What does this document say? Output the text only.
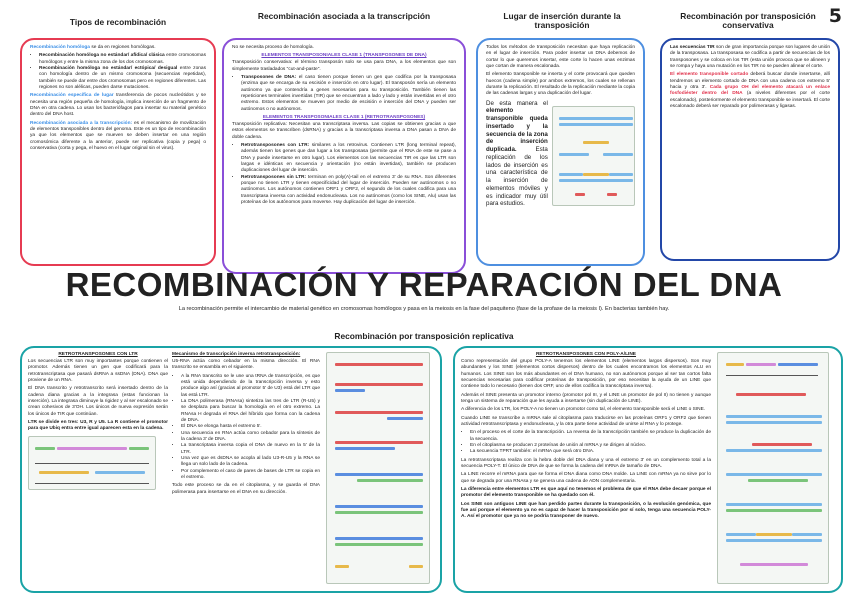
5
Tipos de recombinación
Recombinación asociada a la transcripción	Lugar de inserción durante la transposición
Recombinación por transposición conservativa

Recombinación homóloga se da en regiones homólogas.

• Recombinación homóloga no estándar/ afídica/ clásica entre cromosomas homólogos y entre la misma zona de los dos cromosomas.
• Recombinación homóloga no estándar/ ectópica/ desigual entre zonas con homología dentro de un mismo cromosoma (secuencias repetidas), también se puede dar entre dos cromosomas pero en regiones diferentes. Las regiones no son alélicas, pueden darse mutaciones.

Recombinación específica de lugar transferencia de pocos nucleótidos y se necesita una región pequeña de homología, implica inserción de un fragmento de DNA en otra cadena. Lo usan los bacteriófagos para insertar su material genético dentro del DNA host.

Recombinación asociada a la transcripción: es el mecanismo de movilización de elementos transponibles dentro del genoma. Este es un tipo de recombinación ya que los elementos que se mueven se deben insertar en una región cromosómica diferente a la anterior, puede ser replicativa (copia y pega) o conservativa (corta y pega, el huevo en el lugar original sin el virus).

No se necesita proceso de homología.

ELEMENTOS TRANSPOSONIALES CLASE 1 (TRANSPOSONES DE DNA)

Transposición conservativa: el término transposón solo se usa para DNA, a los elementos que son simplemente trasladados "cut-and-paste".

• Transposones de DNA: el caso tienen porque tienen un gen que codifica por la transposasa (enzima que se encarga de su escisión e inserción en otro lugar). El transposón sería un elemento autónomo ya que contendría a genes necesarios para su transposición. También tienen las repeticiones terminales invertidas (TIR) que se encuentran a lado y lado y están invertidas en el otro extremo. Estos elementos se mueven por medio de escisión e inserción del DNA y pueden ser autónomos o no autónomos.
ELEMENTOS TRANSPOSONIALES CLASE 1 (RETROTRANSPOSONES)

Transposición replicativa: Necesitan una transcriptasa inversa. Las copias se obtienen gracias a que estos elementos se transcriben (dsRNA) y gracias a la transcriptasa inversa a DNA pasan a DNA de doble cadena.

• Retrotransposones con LTR: similares a los retrovirus. Contienen LTR (long terminal repeat), además tienen los genes que dan lugar a los transposasa (permite que el RNA de este se pase a DNA y puede insertarse en otro lugar). Los elementos con las secuencias TIR es que las LTR son largas e idénticas en secuencia y orientación (no están invertidas), también se producen duplicaciones del lugar de inserción.
• Retrotransposones sin LTR: terminan en poly(A)-tail en el extremo 3' de su RNA. Son diferentes porque no tienen LTR y tienen especificidad del lugar de inserción. Pueden ser autónomos o no autónomos. Los autónomos contienen ORF1 y ORF2, el segundo de los cuales codifica para una transcriptasa inversa con actividad endonucleasa. Los no autónomos (como los SINE, Alu) usan las proteínas de los autónomos para moverse. Hay duplicación del lugar de inserción.

Todos los métodos de transposición necesitan que haya replicación en el lugar de inserción. Para poder insertar un DNA debemos de cortar lo que queremos insertar, este corte lo hacen unas enzimas que cortan de manera escalonada.

El elemento transponible se inserta y el corte provocará que queden huecos (cadena simple) por ambos extremos, los cuales se rellenan durante la replicación. El resultado de la replicación mediante la copia de las cadenas largas y una duplicación del lugar.

De esta manera el elemento transponible queda insertado y la secuencia de la zona de inserción duplicada.	Esta replicación de los lados de inserción es una característica de la inserción de elementos móviles y es indicador muy útil para estudios.

Las secuencias TIR son de gran importancia porque son lugares de unión de la transposasa. La transposasa se codifica a partir de secuencias de los transposones y se coloca en los TIR (esta unión provoca que se alineen y se rompa y haya una mutación en los TIR no se pueden alinear el corte.

El elemento transponible cortado deberá buscar donde insertarse, allí tendremos un elemento cortado de DNA con una cadena con extremo 5' hacia y otra 3'. Cada grupo OH del elemento atacará un enlace fosfodiéster dentro del DNA (a niveles diferentes por el corte escalonado), posteriormente el elemento transponible se insertará. El corte escalonado deberá ser reparado por polimerasas y ligasas.

RECOMBINACIÓN Y REPARACIÓN DEL DNA
La recombinación permite el intercambio de material genético en cromosomas homólogos y pasa en la meiosis en la fase del paquiteno (fase de la profase de la meiosis I). En bacterias también hay.
Recombinación por transposición replicativa
RETROTRANSPOSONES CON LTR

Los secuencias LTR son muy importantes porque contienen el promotor. Además tienen un gen que codificará para la retrotranscriptasa que pasará dsRNA a ssDNA (DNA). DNA que proviene de un RNA.

El DNA transcrito y retrotranscrito será insertado dentro de la cadena diana gracias a la integrasa (estas funcionan la inserción). La integrasa diminuye la rigidez y al ser escalonado se crean cohesivos de 3'OH. Los únicos de nueva expresión serán los únicos de TIR que continúan.

LTR se divide en tres: U3, R y U5. La R contiene el promotor para que Ubiq entra entre igual aparecen esta en la cadena.

Mecanismo de transcripción inversa retrotransposición:

U5-RNA actúa como cebador en la misma dirección. El RNA transcrito se ensambla en el siguiente.

• A la RNA transcrito se le une una tRNA de transcripción, es que está unida dependiendo de la transcripción inversa y esto produce algo así (gracias al promotor 5' de U3) está del LTR que las está LTR.
• La DNA polimerasa (RNAsa) sintetiza las tres de LTR (R-U5) y se desplaza para buscar la homología en el otro extremo. La RNAsa H degrada el RNA del híbrido que forma con la cadena de DNA.
• El DNA se elonga hasta el extremo 5'.
• Una secuencia en RNA actúa como cebador para la síntesis de la cadena 3' de DNA.
• La transcriptasa inversa copia el DNA de nuevo en la 5' de la LTR.
• Una vez que es dsDNA se acopla al lado U3-R-U5 y la RNA se llega un solo lado de la cadena.
• Por complemento el caso de pares de bases de LTR se copia en el extremo.

Todo este proceso se da en el citoplasma, y se guarda el DNA polimerasa para insertarse en el DNA en su dirección.

RETROTRANSPOSONES CON POLY-A/LINE

Como representación del grupo POLY-A tenemos los elementos LINE (elementos largos dispersos). Son muy abundantes y los SINE (elementos cortos dispersos) dentro de los cuales encontramos los elementos ALU en humanos. Los SINE son los más abundantes en el DNA humano, no son autónomos porque al ser tan cortos falta secuencias necesarias para codificar proteínas de transposición, por eso necesitan la ayuda de un LINE que contiene todo lo necesario (tienen dos ORF, uno de ellos codifica la transcriptasa inversa).

Además el SINE presenta un promotor interno (promotor pol III, y el LINE un promotor de pol II) no tienen y aunque tenga un sistema de reparación que les ayuda a insertarse (sin duplicación de LINE).

A diferencia de los LTR, los POLY-A no tienen un promotor como tal, el elemento transponible será el LINE o SINE.

Cuando LINE se transcribe a mRNA sale al citoplasma para traducirse en las proteínas ORF1 y ORF2 que tienen actividad retrotranscriptasa y endonucleasa, y la otra parte tiene actividad de unirse al RNA y lo protege.

• En el proceso es el corte de la transcripción. La reversa de la transcripción también se produce la duplicación de la secuencia.
• En el citoplasma se producen 2 proteínas de unión al mRNA y se dirigen al núcleo.
• La secuencia TPRT también: el mRNA que será otro DNA.

La retrotranscriptasa realiza con la hebra doble del DNA diana y una el extremo 3' en un complemento total a la secuencia POLY-T. El único de DNA de que se forma la cadena del mRNA de tamaño de DNA.

La LINE recorre el mRNA para que se forma el DNA diana como DNA molde. La LINE con mRNA ya no sirve por lo que se degrada por una RNAsa y se genera una cadena de ADN complementaria.

La diferencia entre elementos LTR es que aquí no tenemos el problema de que el RNA debe decaer porque el promotor del elemento transponible se ha quedado con él.

Los SINE son antiguos LINE que han perdido partes durante la transposición, o la evolución genómica, que fue así porque el elemento ya no es capaz de hacer la transposición por sí solo, tenga una secuencia POLY-A. Así el promotor que ya no se podría transponer de nuevo.
